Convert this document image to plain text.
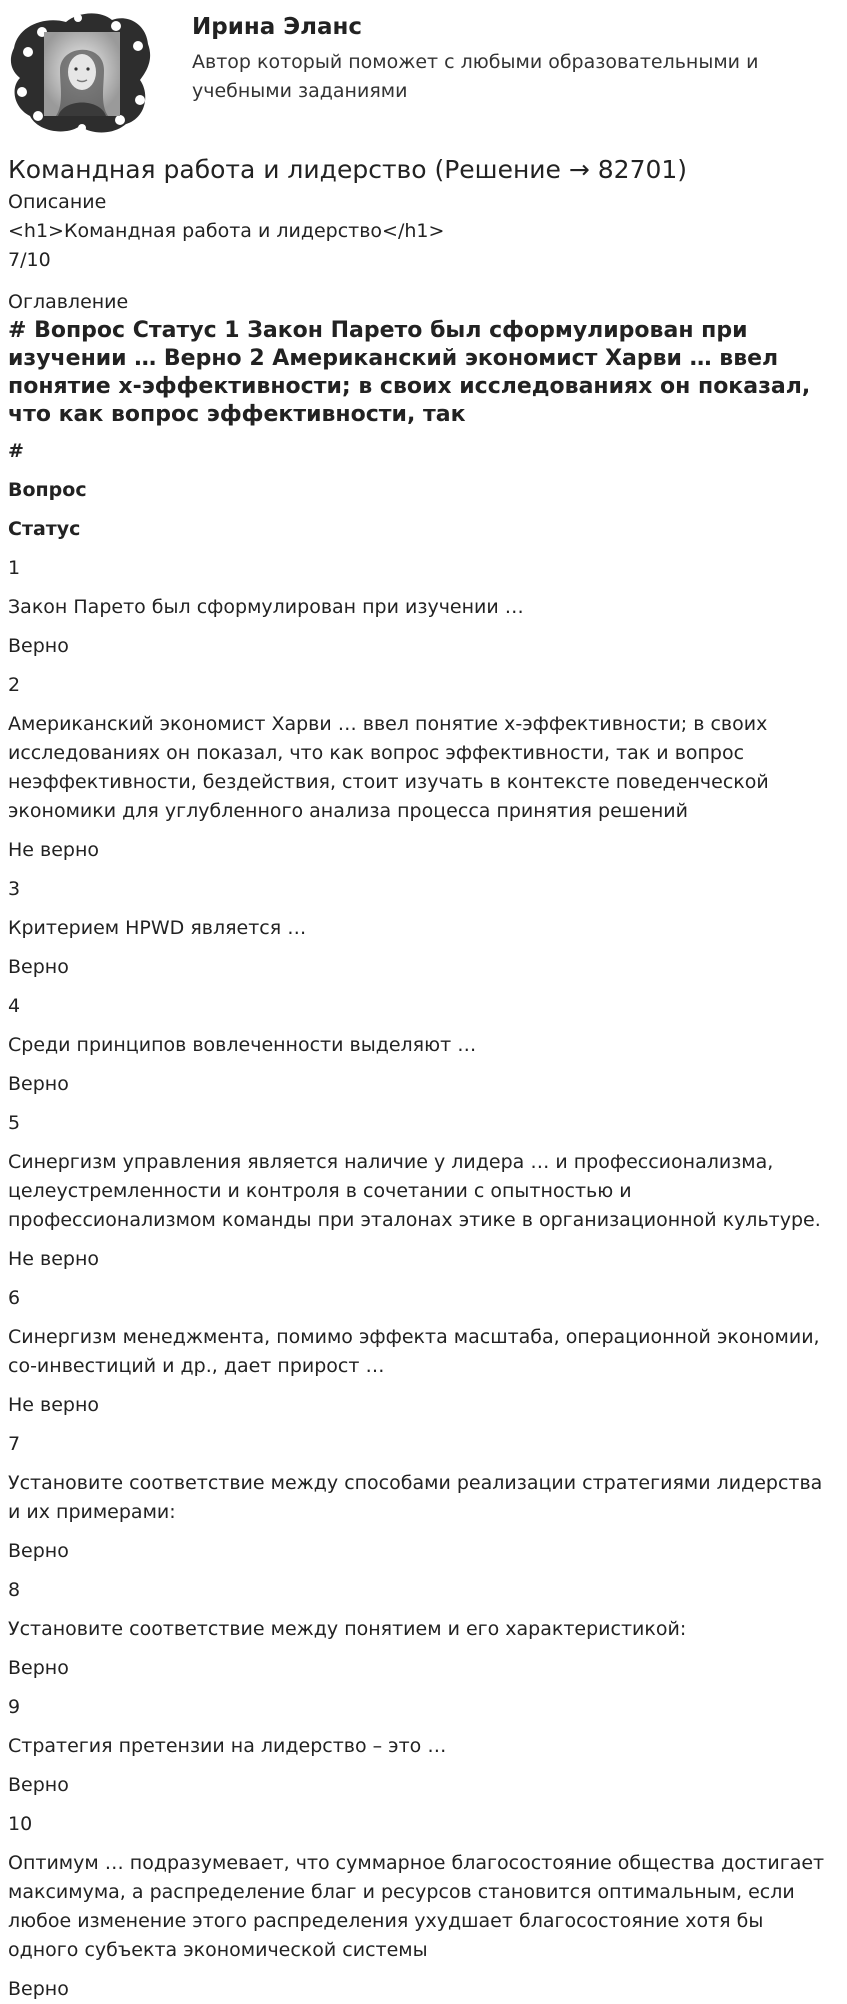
Ирина Эланс
Автор который поможет с любыми образовательными и учебными заданиями
Командная работа и лидерство (Решение → 82701)

Описание

<h1>Командная работа и лидерство</h1>

7/10

Оглавление

# Вопрос Статус 1 Закон Парето был сформулирован при изучении … Верно 2 Американский экономист Харви … ввел понятие х-эффективности; в своих исследованиях он показал, что как вопрос эффективности, так
#
Вопрос
Статус
1
Закон Парето был сформулирован при изучении …
Верно
2
Американский экономист Харви … ввел понятие х-эффективности; в своих исследованиях он показал, что как вопрос эффективности, так и вопрос неэффективности, бездействия, стоит изучать в контексте поведенческой экономики для углубленного анализа процесса принятия решений
Не верно
3
Критерием HPWD является …
Верно
4
Среди принципов вовлеченности выделяют …
Верно
5
Синергизм управления является наличие у лидера … и профессионализма, целеустремленности и контроля в сочетании с опытностью и профессионализмом команды при эталонах этике в организационной культуре.
Не верно
6
Синергизм менеджмента, помимо эффекта масштаба, операционной экономии, со-инвестиций и др., дает прирост …
Не верно
7
Установите соответствие между способами реализации стратегиями лидерства и их примерами:
Верно
8
Установите соответствие между понятием и его характеристикой:
Верно
9
Стратегия претензии на лидерство – это …
Верно
10
Оптимум … подразумевает, что суммарное благосостояние общества достигает максимума, а распределение благ и ресурсов становится оптимальным, если любое изменение этого распределения ухудшает благосостояние хотя бы одного субъекта экономической системы
Верно
